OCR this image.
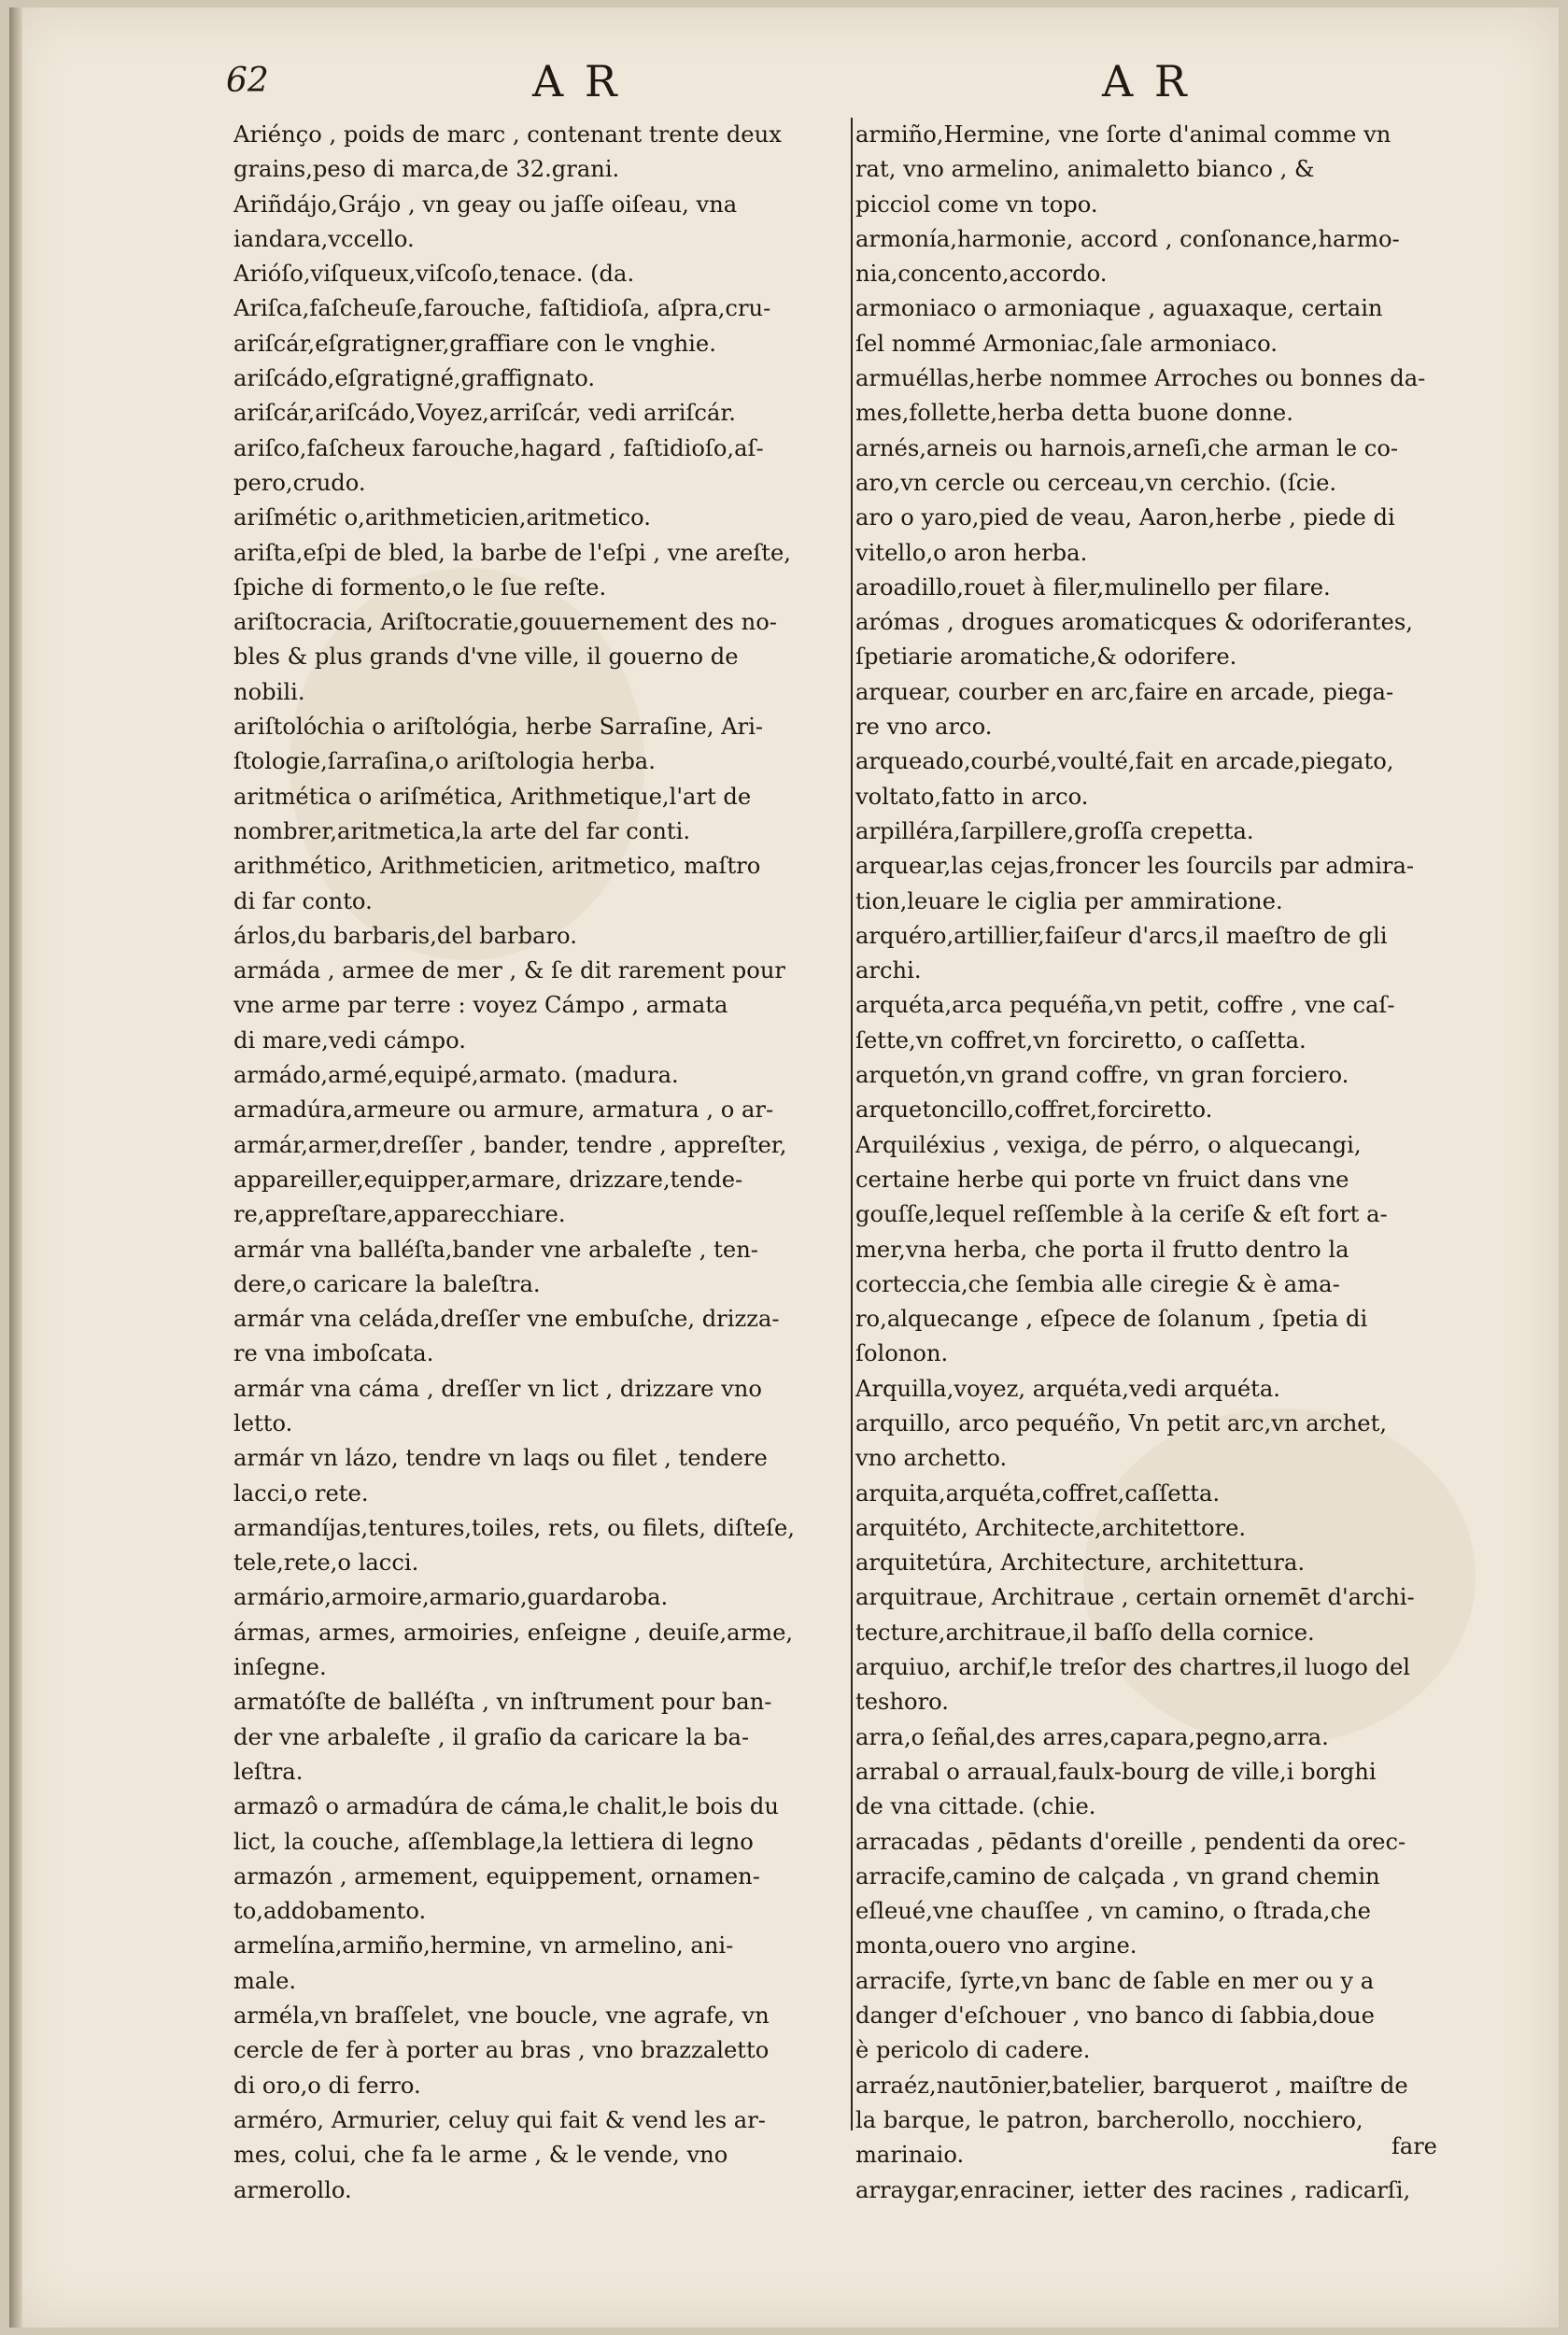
62	A R	A R
Ariénço , poids de marc , contenant trente deux
grains,peso di marca,de 32.grani.
Ariñdájo,Grájo , vn geay ou jaſſe oiſeau, vna
iandara,vccello.
Arióſo,viſqueux,viſcoſo,tenace. (da.
Ariſca,faſcheuſe,farouche, faſtidioſa, aſpra,cru-
ariſcár,eſgratigner,graffiare con le vnghie.
ariſcádo,eſgratigné,graffignato.
ariſcár,ariſcádo,Voyez,arriſcár, vedi arriſcár.
ariſco,faſcheux farouche,hagard , faſtidioſo,aſ-
pero,crudo.
ariſmétic o,arithmeticien,aritmetico.
ariſta,eſpi de bled, la barbe de l'eſpi , vne areſte,
ſpiche di formento,o le ſue reſte.
ariſtocracia, Ariſtocratie,gouuernement des no-
bles & plus grands d'vne ville, il gouerno de
nobili.
ariſtolóchia o ariſtológia, herbe Sarraſine, Ari-
ſtologie,ſarraſina,o ariſtologia herba.
aritmética o ariſmética, Arithmetique,l'art de
nombrer,aritmetica,la arte del far conti.
arithmético, Arithmeticien, aritmetico, maſtro
di far conto.
árlos,du barbaris,del barbaro.
armáda , armee de mer , & ſe dit rarement pour
vne arme par terre : voyez Cámpo , armata
di mare,vedi cámpo.
armádo,armé,equipé,armato. (madura.
armadúra,armeure ou armure, armatura , o ar-
armár,armer,dreſſer , bander, tendre , appreſter,
appareiller,equipper,armare, drizzare,tende-
re,appreſtare,apparecchiare.
armár vna balléſta,bander vne arbaleſte , ten-
dere,o caricare la baleſtra.
armár vna celáda,dreſſer vne embuſche, drizza-
re vna imboſcata.
armár vna cáma , dreſſer vn lict , drizzare vno
letto.
armár vn lázo, tendre vn laqs ou filet , tendere
lacci,o rete.
armandíjas,tentures,toiles, rets, ou filets, diſteſe,
tele,rete,o lacci.
armário,armoire,armario,guardaroba.
ármas, armes, armoiries, enſeigne , deuiſe,arme,
inſegne.
armatóſte de balléſta , vn inſtrument pour ban-
der vne arbaleſte , il graſio da caricare la ba-
leſtra.
armazô o armadúra de cáma,le chalit,le bois du
lict, la couche, aſſemblage,la lettiera di legno
armazón , armement, equippement, ornamen-
to,addobamento.
armelína,armiño,hermine, vn armelino, ani-
male.
arméla,vn braſſelet, vne boucle, vne agrafe, vn
cercle de fer à porter au bras , vno brazzaletto
di oro,o di ferro.
arméro, Armurier, celuy qui fait & vend les ar-
mes, colui, che fa le arme , & le vende, vno
armerollo.
armiño,Hermine, vne ſorte d'animal comme vn
rat, vno armelino, animaletto bianco , &
picciol come vn topo.
armonía,harmonie, accord , conſonance,harmo-
nia,concento,accordo.
armoniaco o armoniaque , aguaxaque, certain
ſel nommé Armoniac,ſale armoniaco.
armuéllas,herbe nommee Arroches ou bonnes da-
mes,follette,herba detta buone donne.
arnés,arneis ou harnois,arneſi,che arman le co-
aro,vn cercle ou cerceau,vn cerchio. (ſcie.
aro o yaro,pied de veau, Aaron,herbe , piede di
vitello,o aron herba.
aroadillo,rouet à filer,mulinello per filare.
arómas , drogues aromaticques & odoriferantes,
ſpetiarie aromatiche,& odorifere.
arquear, courber en arc,faire en arcade, piega-
re vno arco.
arqueado,courbé,voulté,fait en arcade,piegato,
voltato,fatto in arco.
arpilléra,ſarpillere,groſſa crepetta.
arquear,las cejas,froncer les ſourcils par admira-
tion,leuare le ciglia per ammiratione.
arquéro,artillier,faiſeur d'arcs,il maeſtro de gli
archi.
arquéta,arca pequéña,vn petit, coffre , vne caſ-
ſette,vn coffret,vn forciretto, o caſſetta.
arquetón,vn grand coffre, vn gran forciero.
arquetoncillo,coffret,forciretto.
Arquiléxius , vexiga, de pérro, o alquecangi,
certaine herbe qui porte vn fruict dans vne
gouſſe,lequel reſſemble à la ceriſe & eſt fort a-
mer,vna herba, che porta il frutto dentro la
corteccia,che ſembia alle ciregie & è ama-
ro,alquecange , eſpece de ſolanum , ſpetia di
ſolonon.
Arquilla,voyez, arquéta,vedi arquéta.
arquillo, arco pequéño, Vn petit arc,vn archet,
vno archetto.
arquita,arquéta,coffret,caſſetta.
arquitéto, Architecte,architettore.
arquitetúra, Architecture, architettura.
arquitraue, Architraue , certain ornemēt d'archi-
tecture,architraue,il baſſo della cornice.
arquiuo, archif,le treſor des chartres,il luogo del
teshoro.
arra,o ſeñal,des arres,capara,pegno,arra.
arrabal o arraual,faulx-bourg de ville,i borghi
de vna cittade. (chie.
arracadas , pēdants d'oreille , pendenti da orec-
arracife,camino de calçada , vn grand chemin
eſleué,vne chauſſee , vn camino, o ſtrada,che
monta,ouero vno argine.
arracife, ſyrte,vn banc de ſable en mer ou y a
danger d'eſchouer , vno banco di ſabbia,doue
è pericolo di cadere.
arraéz,nautōnier,batelier, barquerot , maiſtre de
la barque, le patron, barcherollo, nocchiero,
marinaio.
arraygar,enraciner, ietter des racines , radicarſi,
fare
